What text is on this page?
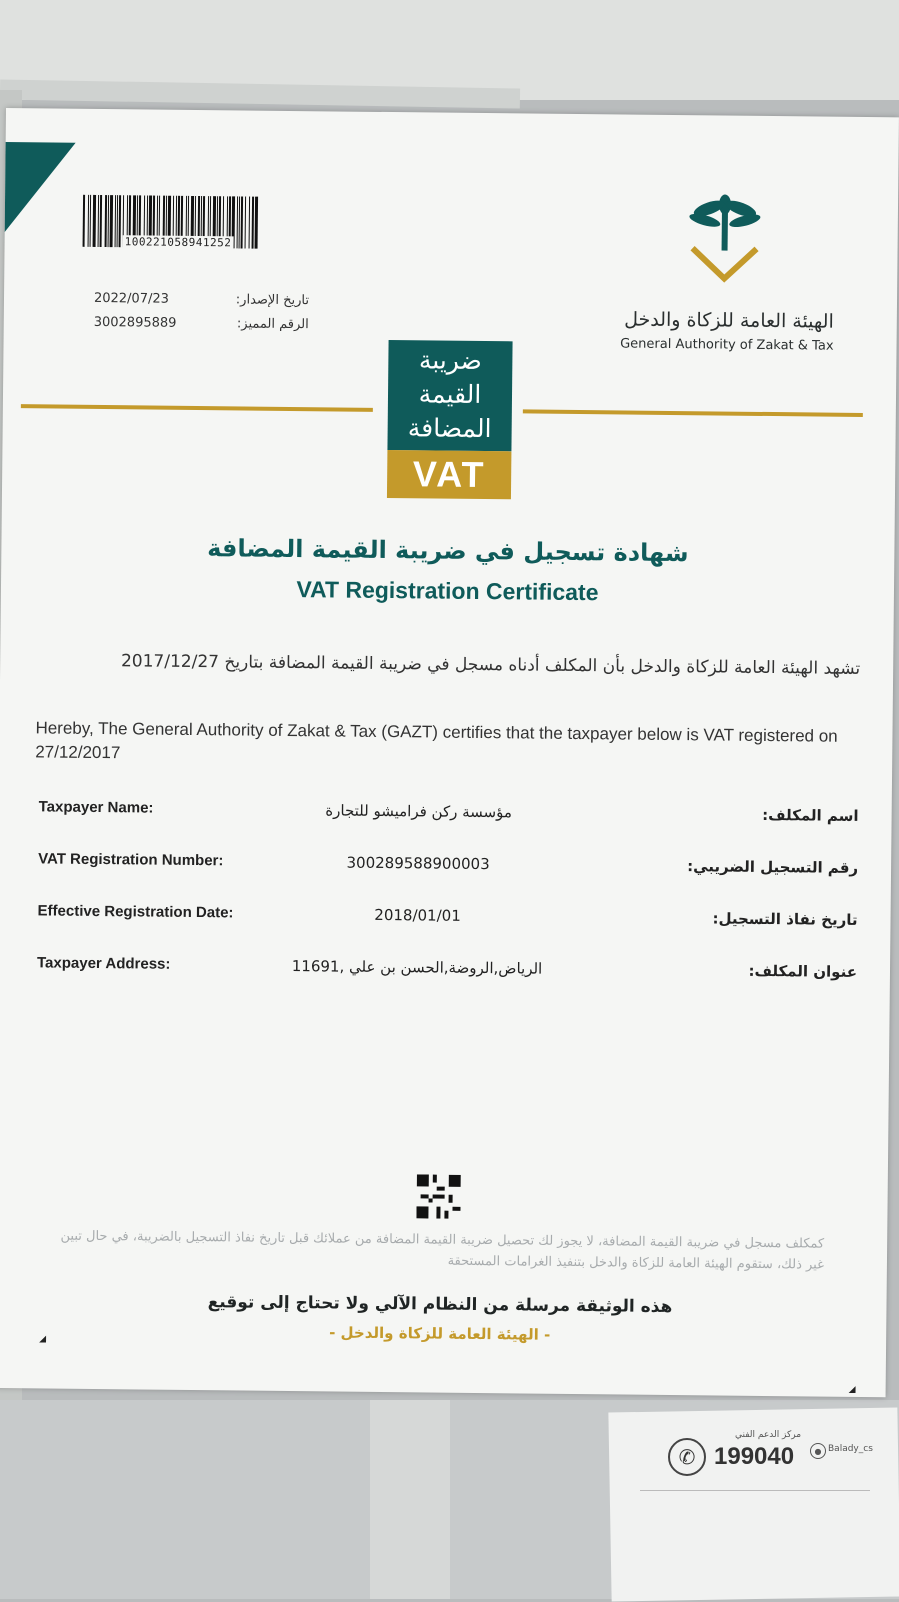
مركز الدعم الفني
✆ 199040	● Balady_cs
100221058941252
2022/07/23	تاريخ الإصدار:
3002895889	الرقم المميز:	الهيئة العامة للزكاة والدخل
General Authority of Zakat & Tax
ضريبة
القيمة
المضافة
VAT
شهادة تسجيل في ضريبة القيمة المضافة
VAT Registration Certificate
تشهد الهيئة العامة للزكاة والدخل بأن المكلف أدناه مسجل في ضريبة القيمة المضافة بتاريخ 2017/12/27
Hereby, The General Authority of Zakat & Tax (GAZT) certifies that the taxpayer below is VAT registered on 27/12/2017
Taxpayer Name:	مؤسسة ركن فراميشو للتجارة	اسم المكلف:
VAT Registration Number:	300289588900003	رقم التسجيل الضريبي:
Effective Registration Date:	2018/01/01	تاريخ نفاذ التسجيل:
Taxpayer Address:	الرياض,الروضة,الحسن بن علي ,11691	عنوان المكلف:
كمكلف مسجل في ضريبة القيمة المضافة، لا يجوز لك تحصيل ضريبة القيمة المضافة من عملائك قبل تاريخ نفاذ التسجيل بالضريبة، في حال تبين غير ذلك، ستقوم الهيئة العامة للزكاة والدخل بتنفيذ الغرامات المستحقة
هذه الوثيقة مرسلة من النظام الآلي ولا تحتاج إلى توقيع
- الهيئة العامة للزكاة والدخل -
◢
◢
